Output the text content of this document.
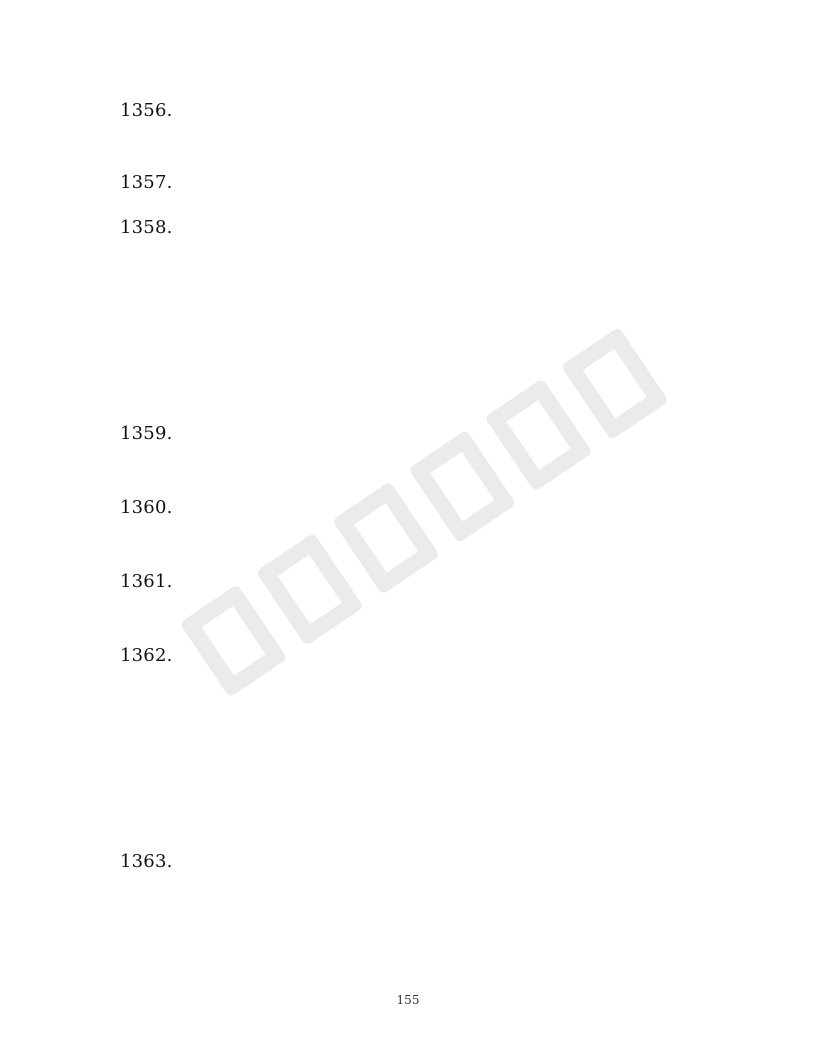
1356.
1357.
1358.
1359.
1360.
1361.
1362.
1363.
155
